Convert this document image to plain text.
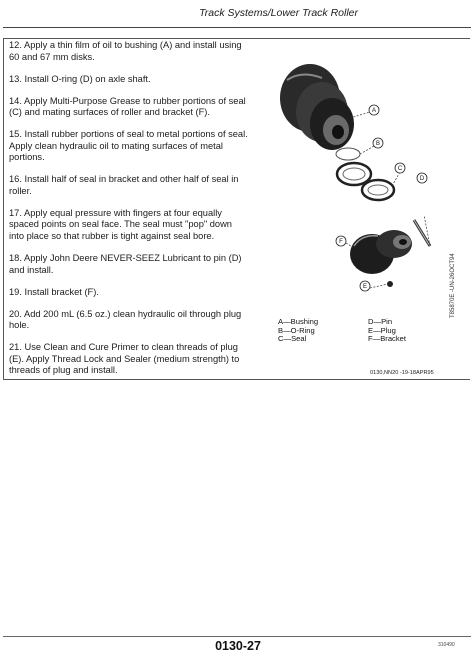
Track Systems/Lower Track Roller

12. Apply a thin film of oil to bushing (A) and install using 60 and 67 mm disks.

13. Install O-ring (D) on axle shaft.

14. Apply Multi-Purpose Grease to rubber portions of seal (C) and mating surfaces of roller and bracket (F).

15. Install rubber portions of seal to metal portions of seal. Apply clean hydraulic oil to mating surfaces of metal portions.

16. Install half of seal in bracket and other half of seal in roller.

17. Apply equal pressure with fingers at four equally spaced points on seal face. The seal must "pop" down into place so that rubber is tight against seal bore.

18. Apply John Deere NEVER-SEEZ Lubricant to pin (D) and install.

19. Install bracket (F).

20. Add 200 mL (6.5 oz.) clean hydraulic oil through plug hole.

21. Use Clean and Cure Primer to clean threads of plug (E). Apply Thread Lock and Sealer (medium strength) to threads of plug and install.

A
B
C
D
E
F
T85870E -UN-26OCT94
A—Bushing
B—O-Ring
C—Seal
D—Pin
E—Plug
F—Bracket
0130,NN20 -19-18APR95
0130-27	310490
